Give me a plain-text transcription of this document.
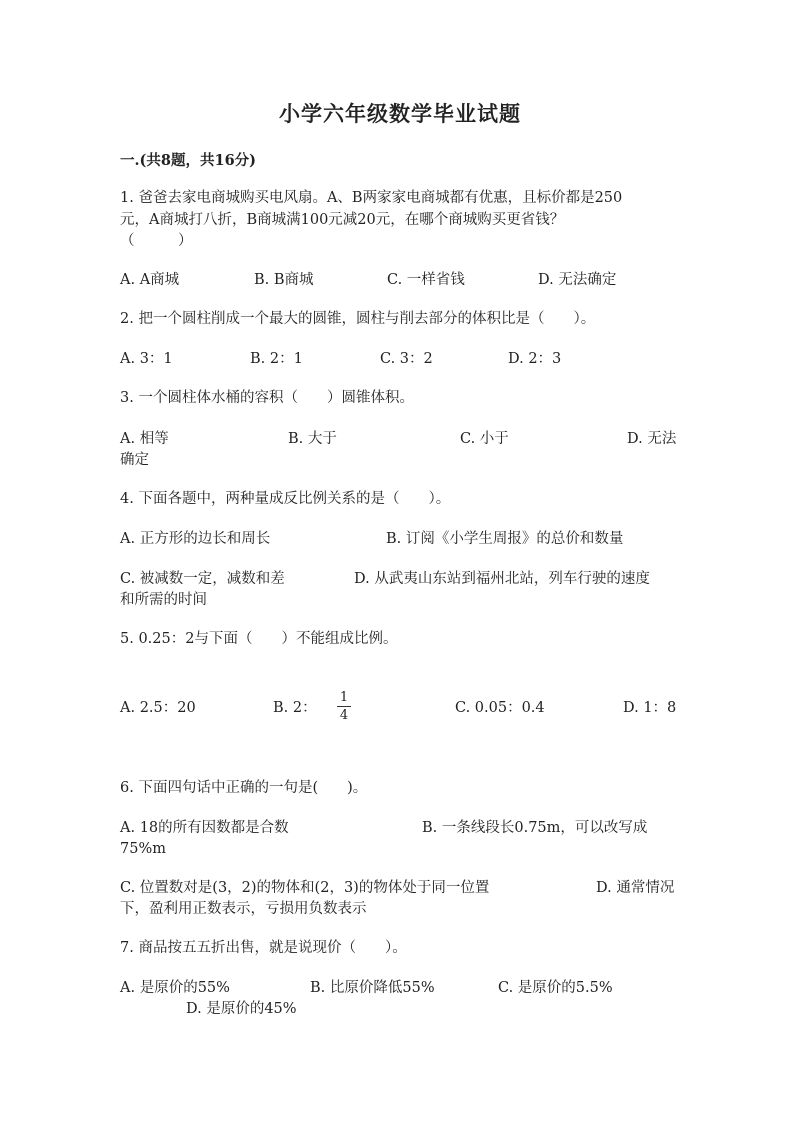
小学六年级数学毕业试题
一.(共8题，共16分)
1. 爸爸去家电商城购买电风扇。A、B两家家电商城都有优惠，且标价都是250
元，A商城打八折，B商城满100元减20元，在哪个商城购买更省钱？
（　　　）
A. A商城	B. B商城	C. 一样省钱	D. 无法确定
2. 把一个圆柱削成一个最大的圆锥，圆柱与削去部分的体积比是（　　）。
A. 3：1	B. 2：1	C. 3：2	D. 2：3
3. 一个圆柱体水桶的容积（　　）圆锥体积。
A. 相等	B. 大于	C. 小于	D. 无法
确定
4. 下面各题中，两种量成反比例关系的是（　　）。
A. 正方形的边长和周长	B. 订阅《小学生周报》的总价和数量
C. 被减数一定，减数和差	D. 从武夷山东站到福州北站，列车行驶的速度
和所需的时间
5. 0.25：2与下面（　　）不能组成比例。
A. 2.5：20	B. 2：
1
4	C. 0.05：0.4	D. 1：8
6. 下面四句话中正确的一句是(　　)。
A. 18的所有因数都是合数	B. 一条线段长0.75m，可以改写成
75%m
C. 位置数对是(3，2)的物体和(2，3)的物体处于同一位置	D. 通常情况
下，盈利用正数表示，亏损用负数表示
7. 商品按五五折出售，就是说现价（　　）。
A. 是原价的55%	B. 比原价降低55%	C. 是原价的5.5%
D. 是原价的45%
